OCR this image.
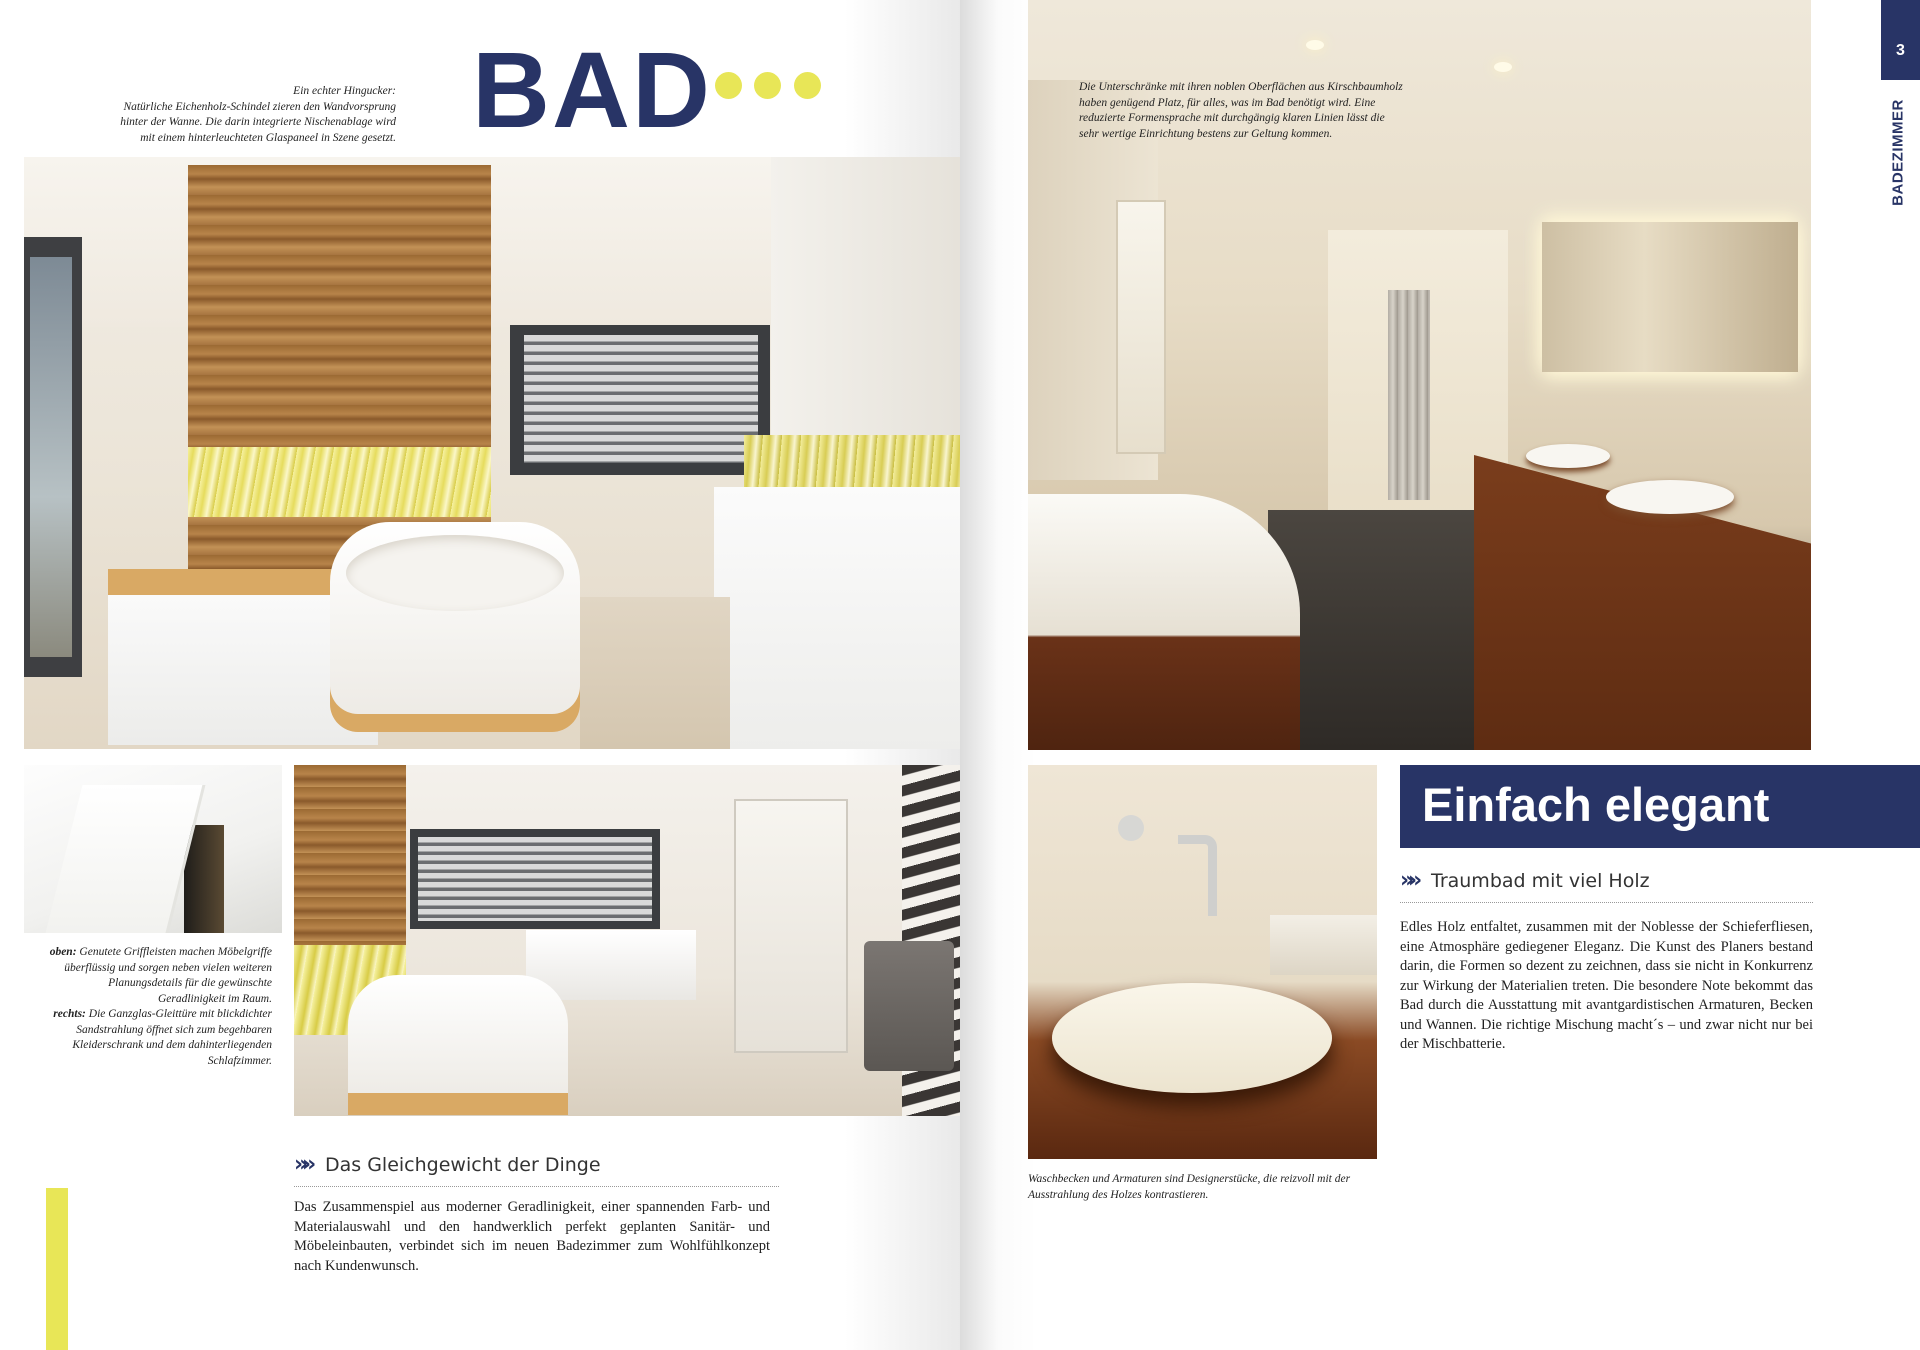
Ein echter Hingucker:
Natürliche Eichenholz-Schindel zieren den Wandvorsprung
hinter der Wanne. Die darin integrierte Nischenablage wird
mit einem hinterleuchteten Glaspaneel in Szene gesetzt. BAD
oben: Genutete Griffleisten machen Möbelgriffe überflüssig und sorgen neben vielen weiteren Planungsdetails für die gewünschte Geradlinigkeit im Raum.
rechts: Die Ganzglas-Gleittüre mit blickdichter Sandstrahlung öffnet sich zum begehbaren Kleiderschrank und dem dahinterliegenden Schlafzimmer.
» » Das Gleichgewicht der Dinge
Das Zusammenspiel aus moderner Geradlinigkeit, einer spannenden Farb- und Materialauswahl und den handwerklich perfekt geplanten Sanitär- und Möbeleinbauten, verbindet sich im neuen Badezimmer zum Wohlfühlkonzept nach Kundenwunsch.
Die Unterschränke mit ihren noblen Oberflächen aus Kirschbaumholz haben genügend Platz, für alles, was im Bad benötigt wird. Eine reduzierte Formensprache mit durchgängig klaren Linien lässt die sehr wertige Einrichtung bestens zur Geltung kommen.
3
BADEZIMMER
Waschbecken und Armaturen sind Designerstücke, die reizvoll mit der Ausstrahlung des Holzes kontrastieren.
Einfach elegant
» » Traumbad mit viel Holz
Edles Holz entfaltet, zusammen mit der Noblesse der Schieferfliesen, eine Atmosphäre gediegener Eleganz. Die Kunst des Planers bestand darin, die Formen so dezent zu zeichnen, dass sie nicht in Konkurrenz zur Wirkung der Materialien treten. Die besondere Note bekommt das Bad durch die Ausstattung mit avantgardistischen Armaturen, Becken und Wannen. Die richtige Mischung macht´s – und zwar nicht nur bei der Mischbatterie.
